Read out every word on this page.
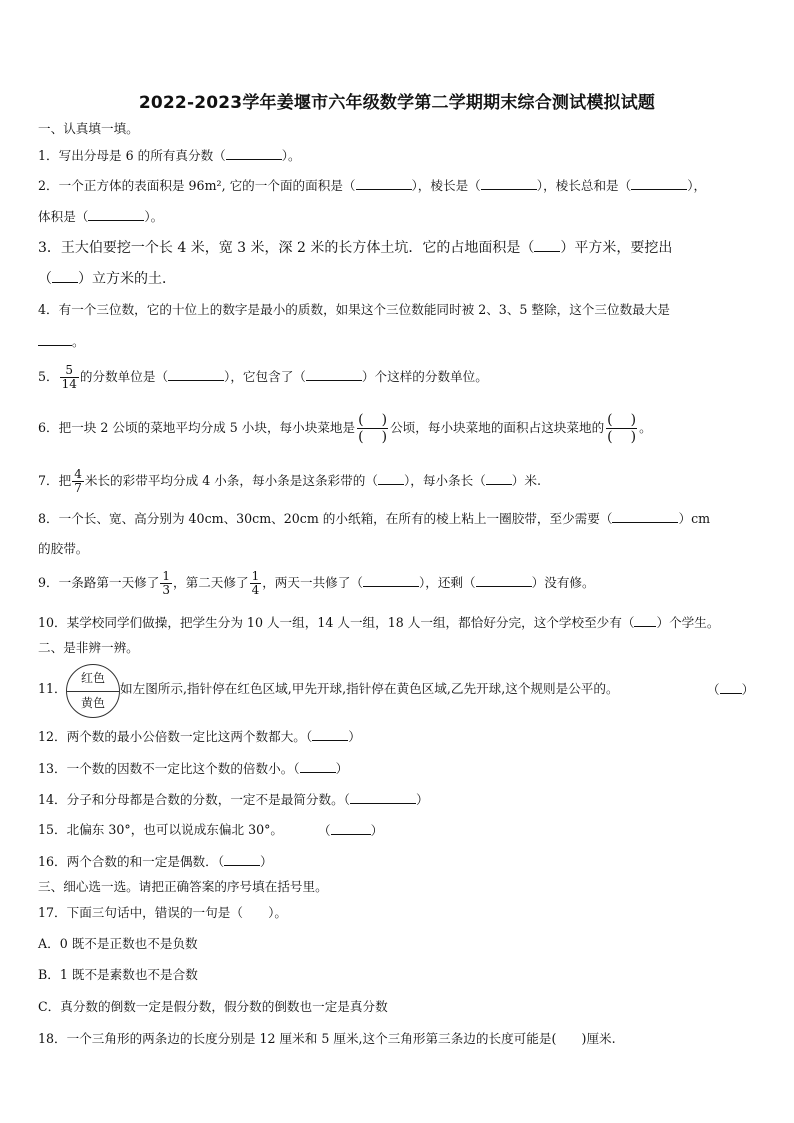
2022-2023学年姜堰市六年级数学第二学期期末综合测试模拟试题
一、认真填一填。
1．写出分母是 6 的所有真分数（	）。
2．一个正方体的表面积是 96m², 它的一个面的面积是（	），棱长是（	），棱长总和是（	），
体积是（	）。
3．王大伯要挖一个长 4 米，宽 3 米，深 2 米的长方体土坑．它的占地面积是（ ）平方米，要挖出
（ ）立方米的土．
4．有一个三位数，它的十位上的数字是最小的质数，如果这个三位数能同时被 2、3、5 整除，这个三位数最大是
。
5． $\frac{5}{14}$ 的分数单位是（	），它包含了（	）个这样的分数单位。
6．把一块 2 公顷的菜地平均分成 5 小块，每小块菜地是 $\frac{( )}{( )}$ 公顷，每小块菜地的面积占这块菜地的 $\frac{( )}{( )}$ 。
7．把 $\frac{4}{7}$ 米长的彩带平均分成 4 小条，每小条是这条彩带的（ ），每小条长（ ）米.
8．一个长、宽、高分别为 40cm、30cm、20cm 的小纸箱，在所有的棱上粘上一圈胶带，至少需要（	）cm
的胶带。
9．一条路第一天修了 $\frac{1}{3}$ ，第二天修了 $\frac{1}{4}$ ，两天一共修了（	），还剩（	）没有修。
10．某学校同学们做操，把学生分为 10 人一组，14 人一组，18 人一组，都恰好分完，这个学校至少有（ ）个学生。
二、是非辨一辨。
11．
红色
黄色
如左图所示,指针停在红色区域,甲先开球,指针停在黄色区域,乙先开球,这个规则是公平的。	（ ）
12．两个数的最小公倍数一定比这两个数都大。（	）
13．一个数的因数不一定比这个数的倍数小。（	）
14．分子和分母都是合数的分数，一定不是最简分数。（	）
15．北偏东 30°，也可以说成东偏北 30°。	（	）
16．两个合数的和一定是偶数．（	）
三、细心选一选。请把正确答案的序号填在括号里。
17．下面三句话中，错误的一句是（　　）。
A．0 既不是正数也不是负数
B．1 既不是素数也不是合数
C．真分数的倒数一定是假分数，假分数的倒数也一定是真分数
18．一个三角形的两条边的长度分别是 12 厘米和 5 厘米,这个三角形第三条边的长度可能是(　　)厘米.
